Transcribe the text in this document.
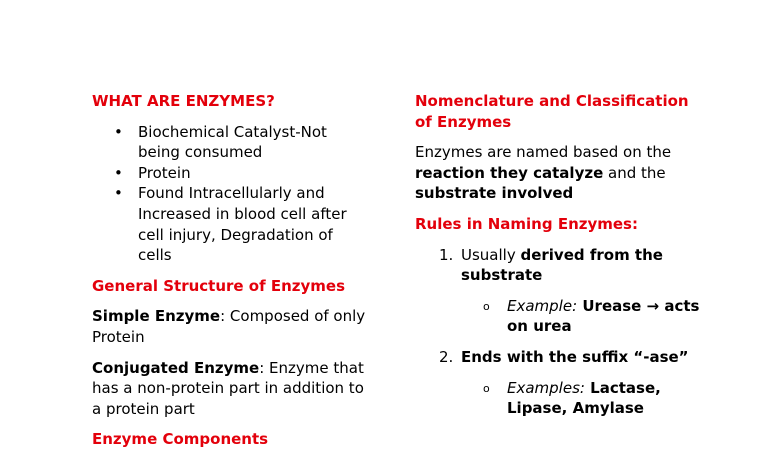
WHAT ARE ENZYMES?
• Biochemical Catalyst-Not being consumed
• Protein
• Found Intracellularly and Increased in blood cell after cell injury, Degradation of cells
General Structure of Enzymes

Simple Enzyme: Composed of only Protein

Conjugated Enzyme: Enzyme that has a non-protein part in addition to a protein part

Enzyme Components
Nomenclature and Classification of Enzymes

Enzymes are named based on the reaction they catalyze and the substrate involved

Rules in Naming Enzymes:
1. Usually derived from the substrate
o Example: Urease → acts on urea
2. Ends with the suffix “-ase”
o Examples: Lactase, Lipase, Amylase
